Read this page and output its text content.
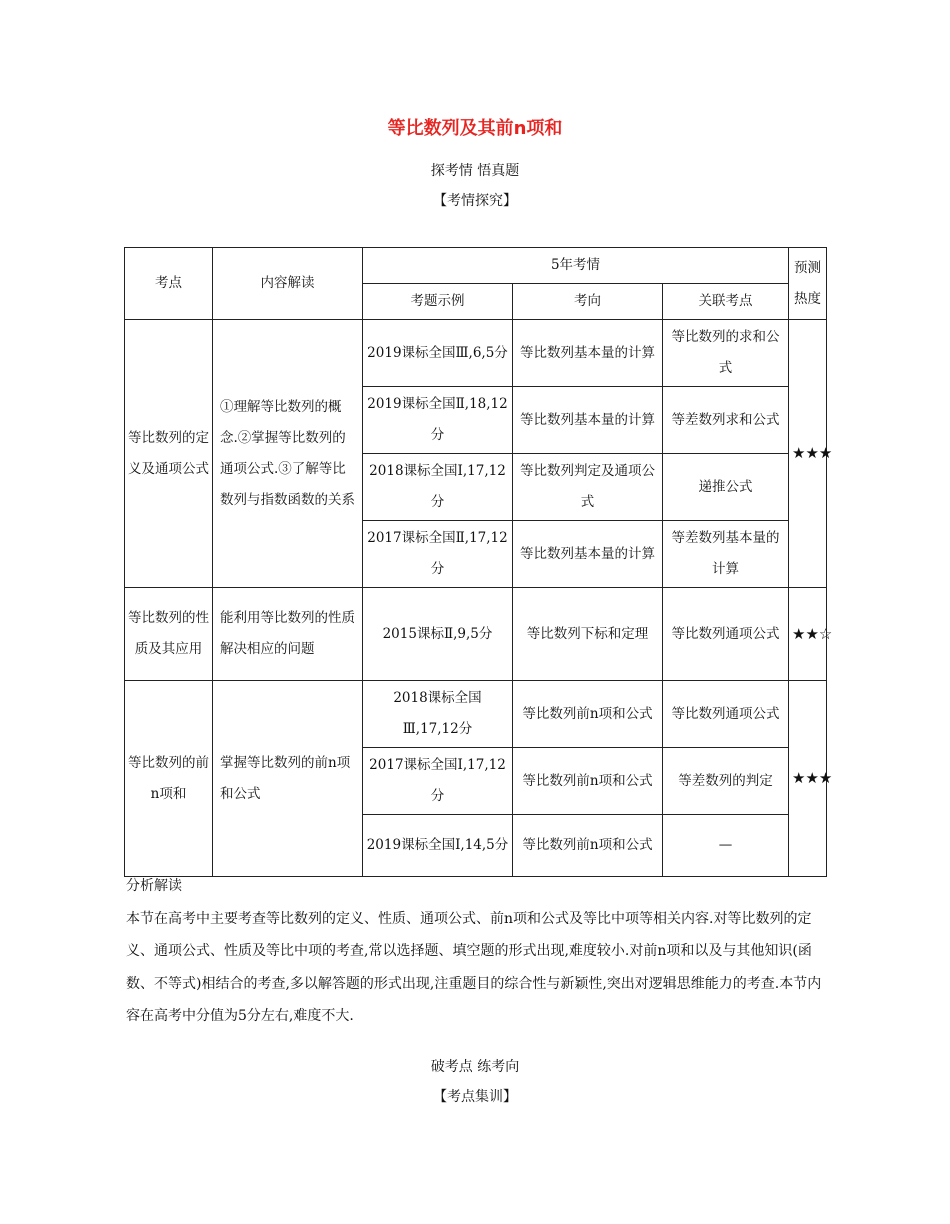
等比数列及其前n项和
探考情 悟真题
【考情探究】
考点	内容解读	5年考情			预测热度
		考题示例	考向	关联考点	
等比数列的定义及通项公式	①理解等比数列的概念.②掌握等比数列的通项公式.③了解等比数列与指数函数的关系	2019课标全国Ⅲ,6,5分	等比数列基本量的计算	等比数列的求和公式	★★★
		2019课标全国Ⅱ,18,12分	等比数列基本量的计算	等差数列求和公式	
		2018课标全国Ⅰ,17,12分	等比数列判定及通项公式	递推公式	
		2017课标全国Ⅱ,17,12分	等比数列基本量的计算	等差数列基本量的计算	
等比数列的性质及其应用	能利用等比数列的性质解决相应的问题	2015课标Ⅱ,9,5分	等比数列下标和定理	等比数列通项公式	★★☆
等比数列的前n项和	掌握等比数列的前n项和公式	2018课标全国Ⅲ,17,12分	等比数列前n项和公式	等比数列通项公式	★★★
		2017课标全国Ⅰ,17,12分	等比数列前n项和公式	等差数列的判定	
		2019课标全国Ⅰ,14,5分	等比数列前n项和公式	—	

分析解读

本节在高考中主要考查等比数列的定义、性质、通项公式、前n项和公式及等比中项等相关内容.对等比数列的定义、通项公式、性质及等比中项的考查,常以选择题、填空题的形式出现,难度较小.对前n项和以及与其他知识(函数、不等式)相结合的考查,多以解答题的形式出现,注重题目的综合性与新颖性,突出对逻辑思维能力的考查.本节内容在高考中分值为5分左右,难度不大.

破考点 练考向
【考点集训】
